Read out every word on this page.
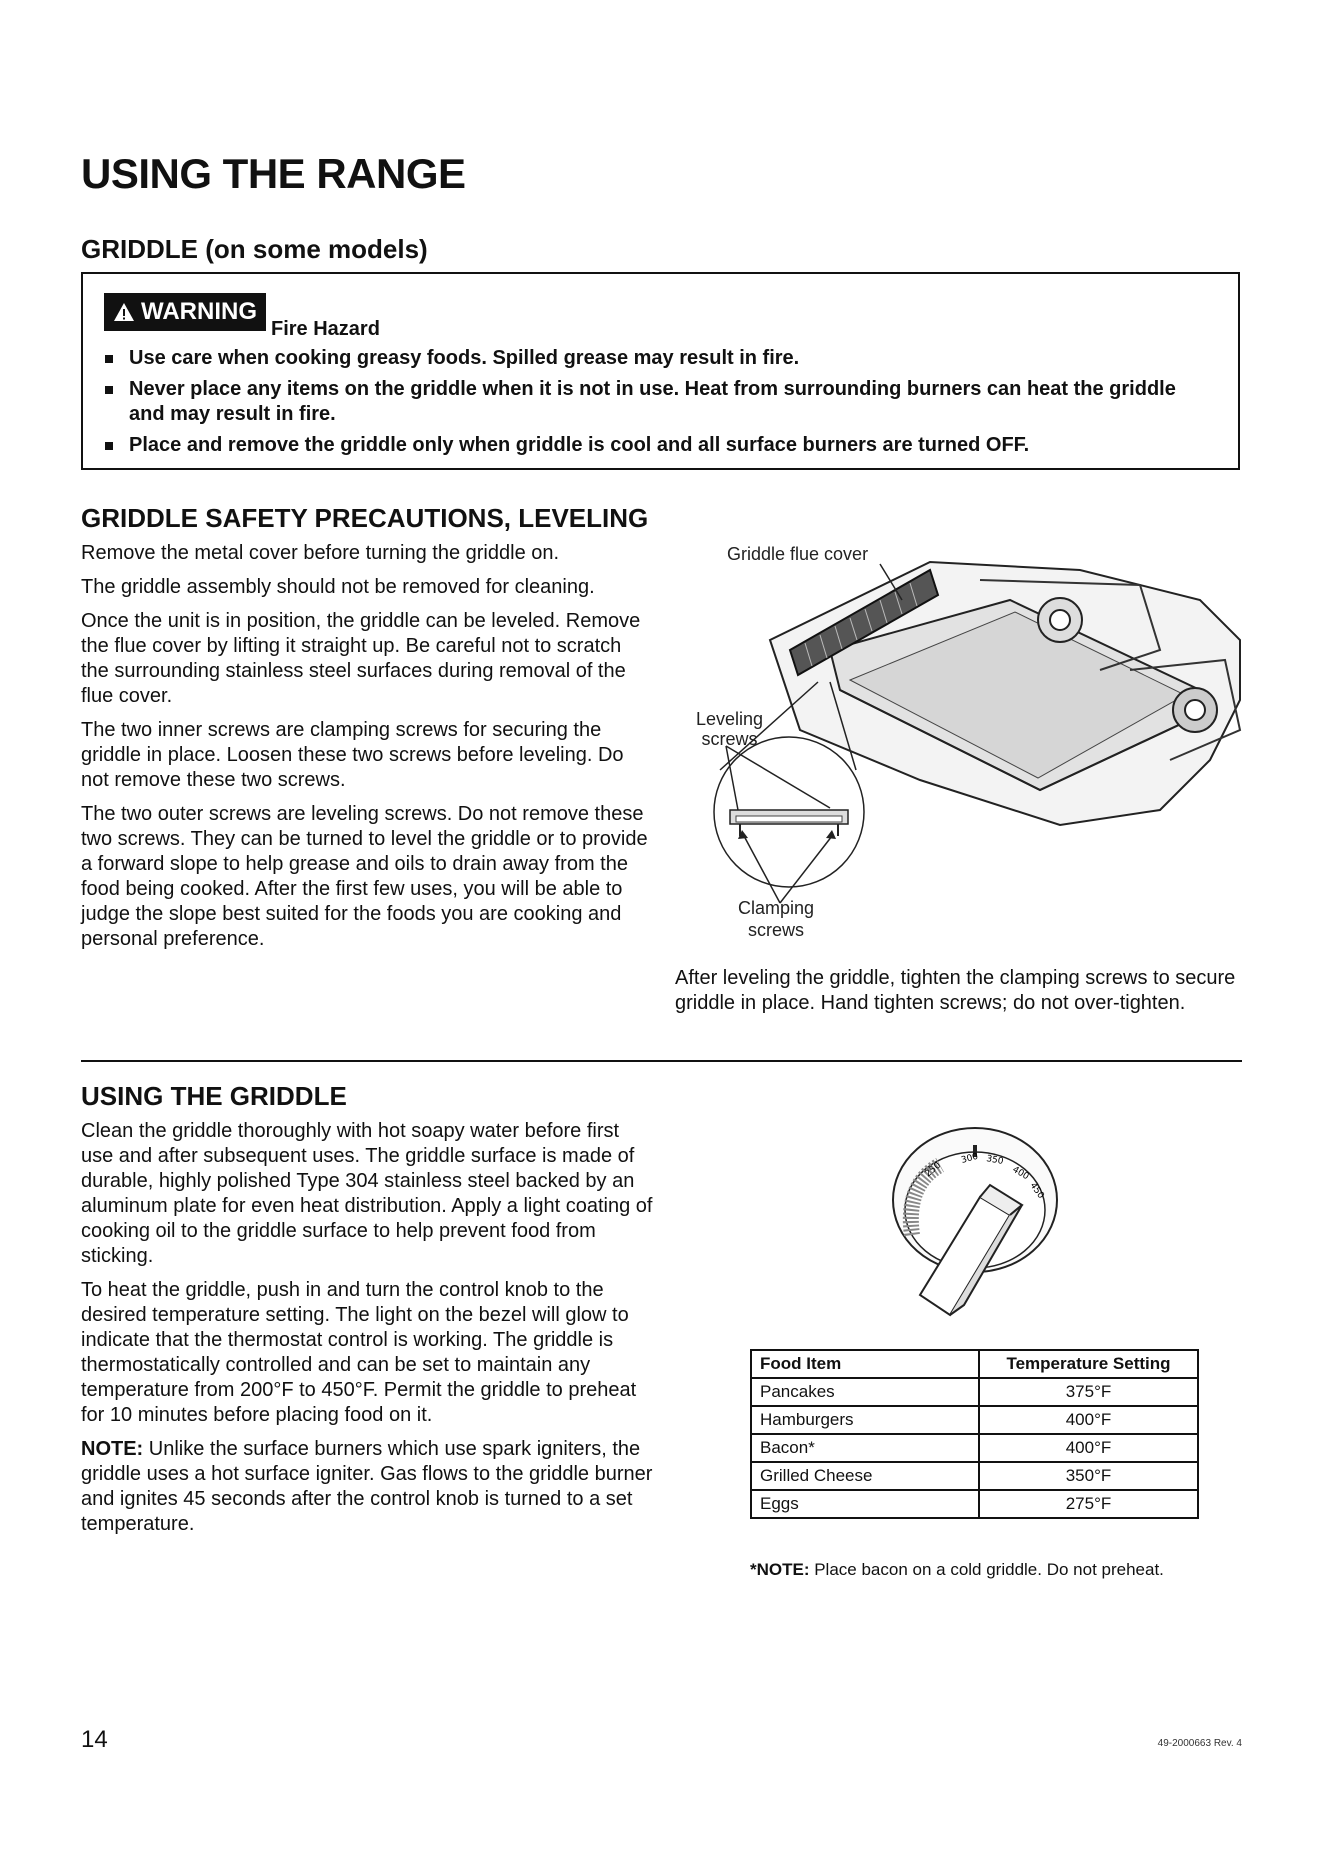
USING THE RANGE
GRIDDLE (on some models)
WARNING
Fire Hazard
Use care when cooking greasy foods. Spilled grease may result in fire.
Never place any items on the griddle when it is not in use. Heat from surrounding burners can heat the griddle and may result in fire.
Place and remove the griddle only when griddle is cool and all surface burners are turned OFF.
GRIDDLE SAFETY PRECAUTIONS, LEVELING

Remove the metal cover before turning the griddle on.

The griddle assembly should not be removed for cleaning.

Once the unit is in position, the griddle can be leveled. Remove the flue cover by lifting it straight up. Be careful not to scratch the surrounding stainless steel surfaces during removal of the flue cover.

The two inner screws are clamping screws for securing the griddle in place. Loosen these two screws before leveling. Do not remove these two screws.

The two outer screws are leveling screws. Do not remove these two screws. They can be turned to level the griddle or to provide a forward slope to help grease and oils to drain away from the food being cooked. After the first few uses, you will be able to judge the slope best suited for the foods you are cooking and personal preference.

Griddle flue cover
Leveling
screws
Clamping
screws
After leveling the griddle, tighten the clamping screws to secure griddle in place. Hand tighten screws; do not over-tighten.
USING THE GRIDDLE

Clean the griddle thoroughly with hot soapy water before first use and after subsequent uses. The griddle surface is made of durable, highly polished Type 304 stainless steel backed by an aluminum plate for even heat distribution. Apply a light coating of cooking oil to the griddle surface to help prevent food from sticking.

To heat the griddle, push in and turn the control knob to the desired temperature setting. The light on the bezel will glow to indicate that the thermostat control is working. The griddle is thermostatically controlled and can be set to maintain any temperature from 200°F to 450°F. Permit the griddle to preheat for 10 minutes before placing food on it.

NOTE: Unlike the surface burners which use spark igniters, the griddle uses a hot surface igniter. Gas flows to the griddle burner and ignites 45 seconds after the control knob is turned to a set temperature.

250
300 350
400
450
Food Item	Temperature Setting
Pancakes	375°F
Hamburgers	400°F
Bacon*	400°F
Grilled Cheese	350°F
Eggs	275°F
*NOTE: Place bacon on a cold griddle. Do not preheat.
14	49-2000663 Rev. 4
